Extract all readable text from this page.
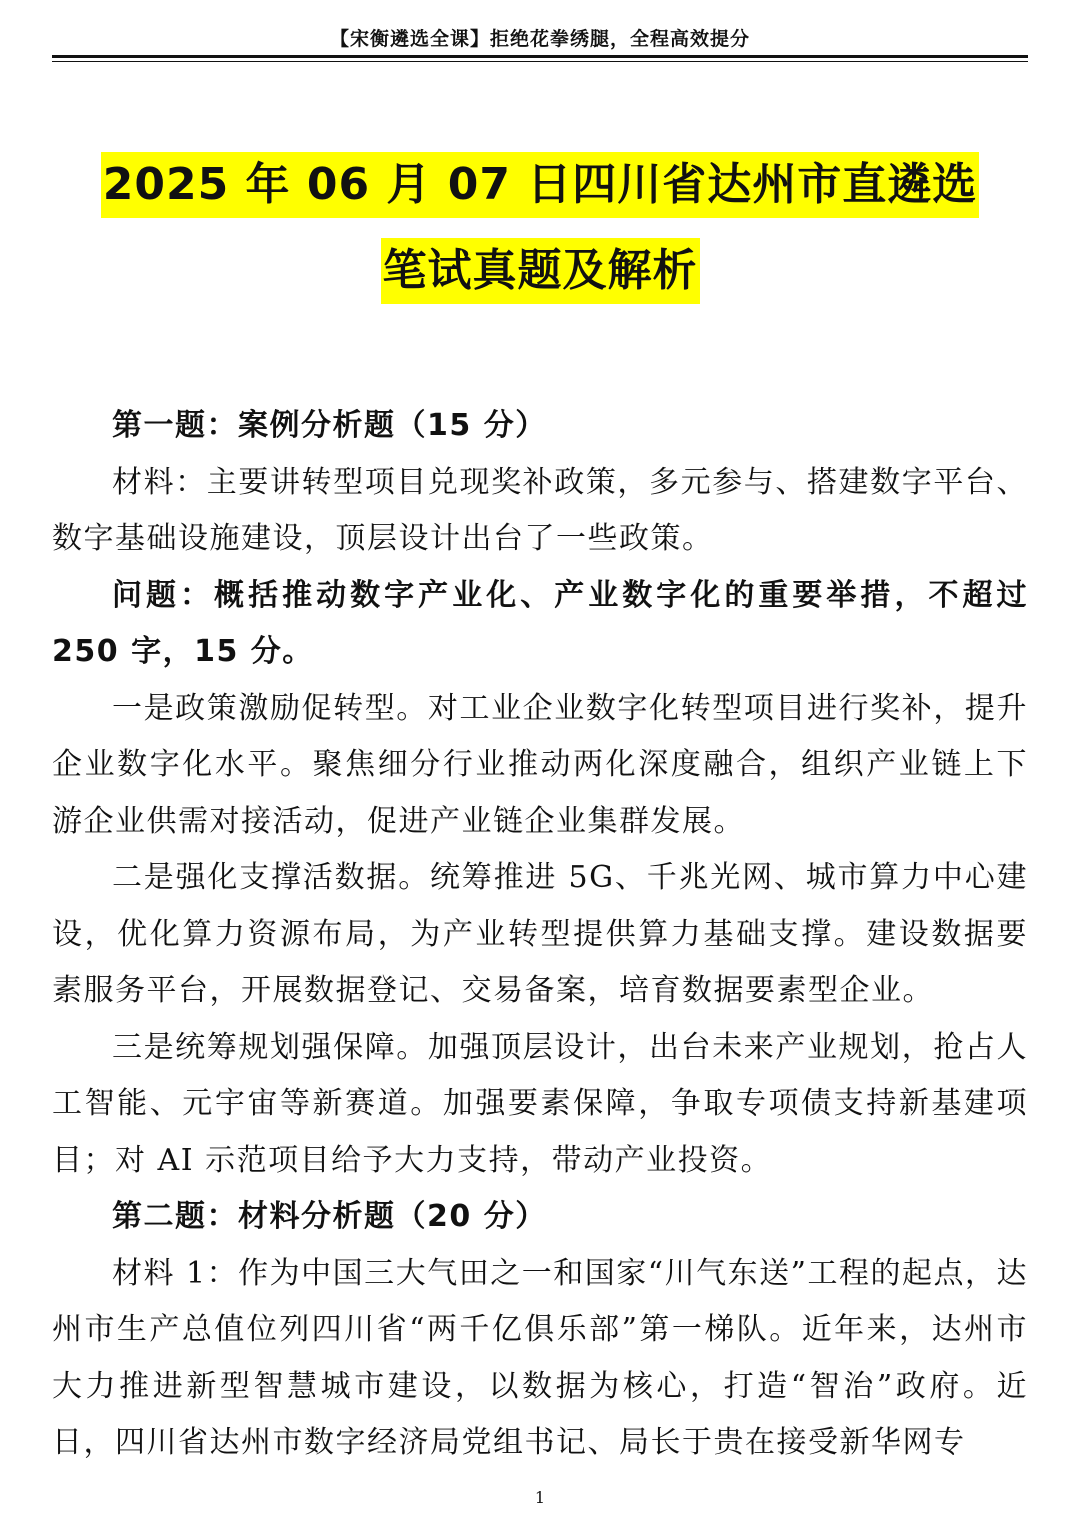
【宋衡遴选全课】拒绝花拳绣腿，全程高效提分
2025 年 06 月 07 日四川省达州市直遴选
笔试真题及解析

第一题：案例分析题（15 分）

材料：主要讲转型项目兑现奖补政策，多元参与、搭建数字平台、数字基础设施建设，顶层设计出台了一些政策。

问题：概括推动数字产业化、产业数字化的重要举措，不超过 250 字，15 分。

一是政策激励促转型。对工业企业数字化转型项目进行奖补，提升企业数字化水平。聚焦细分行业推动两化深度融合，组织产业链上下游企业供需对接活动，促进产业链企业集群发展。

二是强化支撑活数据。统筹推进 5G、千兆光网、城市算力中心建设，优化算力资源布局，为产业转型提供算力基础支撑。建设数据要素服务平台，开展数据登记、交易备案，培育数据要素型企业。

三是统筹规划强保障。加强顶层设计，出台未来产业规划，抢占人工智能、元宇宙等新赛道。加强要素保障，争取专项债支持新基建项目；对 AI 示范项目给予大力支持，带动产业投资。

第二题：材料分析题（20 分）

材料 1：作为中国三大气田之一和国家“川气东送”工程的起点，达州市生产总值位列四川省“两千亿俱乐部”第一梯队。近年来，达州市大力推进新型智慧城市建设，以数据为核心，打造“智治”政府。近日，四川省达州市数字经济局党组书记、局长于贵在接受新华网专

1
